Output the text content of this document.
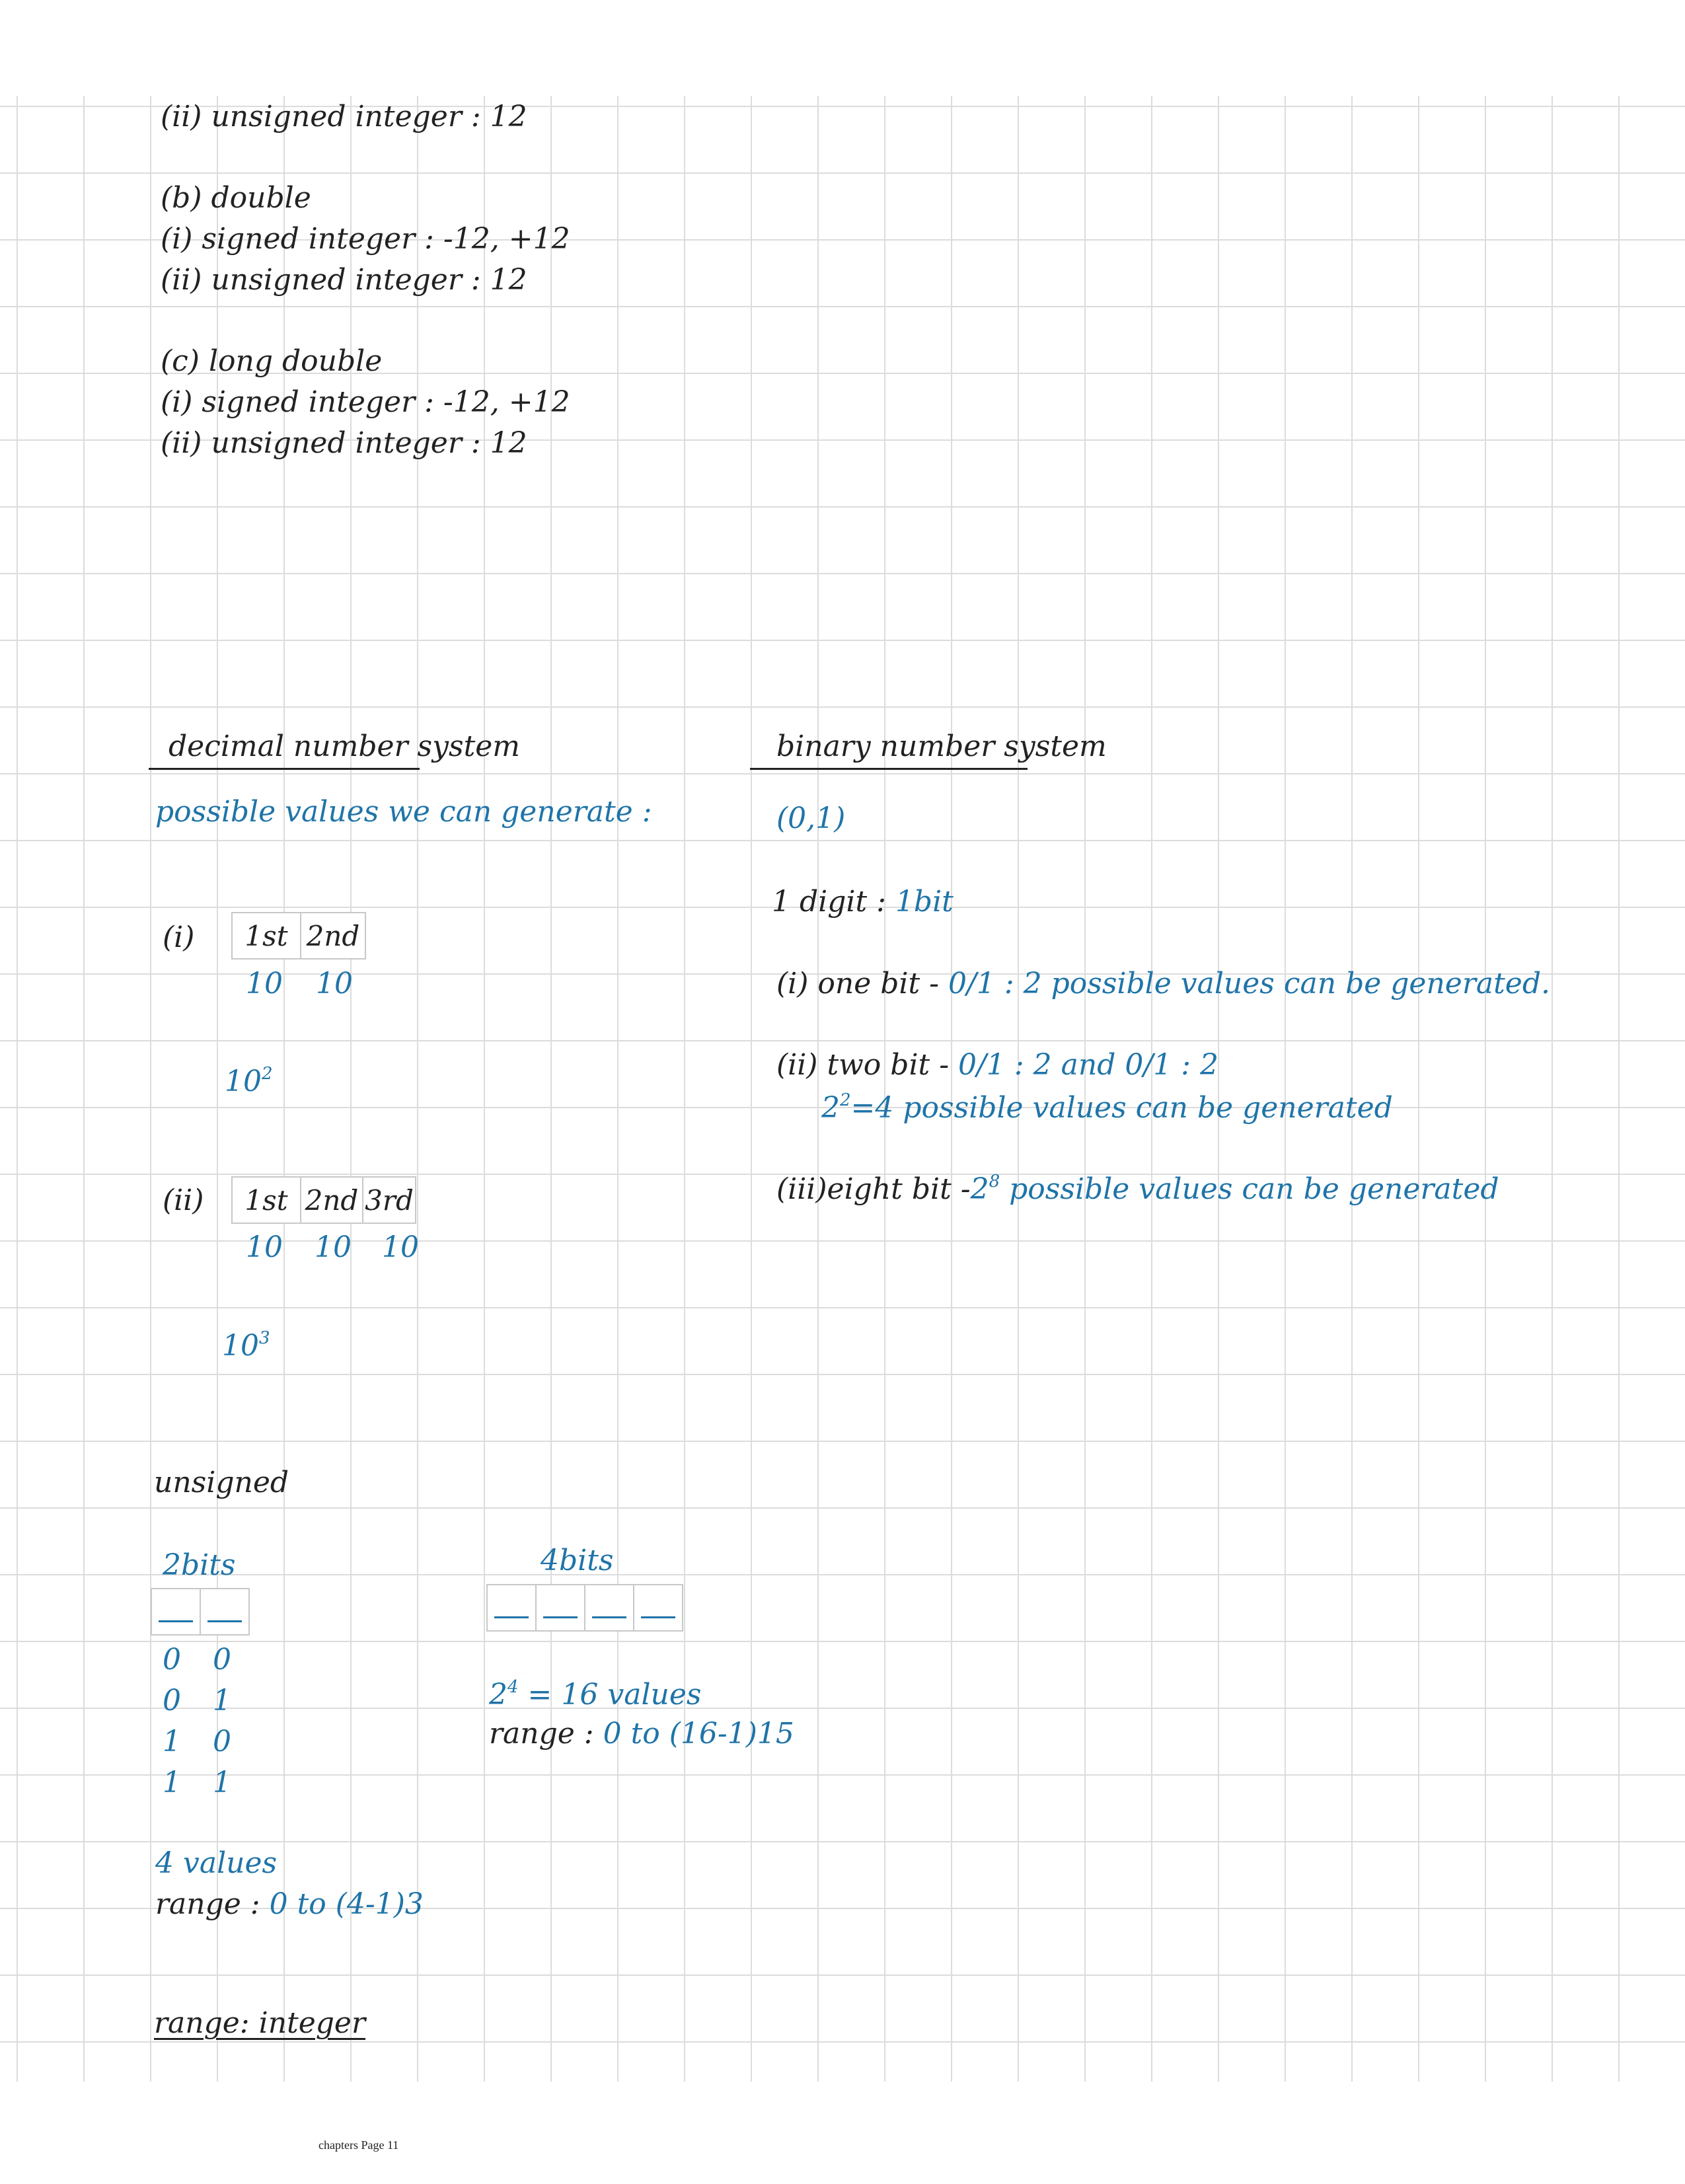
(ii) unsigned integer : 12
(b) double
(i) signed integer : -12, +12
(ii) unsigned integer : 12
(c) long double
(i) signed integer : -12, +12
(ii) unsigned integer : 12
decimal number system
possible values we can generate :
(i)	1st 2nd
10 10
$10^2$
(ii)	1st 2nd 3rd
10 10 10
$10^3$
binary number system
(0,1)
1 digit : 1bit
(i) one bit - 0/1 : 2 possible values can be generated.
(ii) two bit - 0/1 : 2 and 0/1 : 2
$2^2=4$ possible values can be generated
(iii)eight bit $-2^8$ possible values can be generated
unsigned
2bits
0 0
0 1
1 0
1 1
4 values
range : 0 to (4-1)3
4bits
$2^4 = 16$ values
range : 0 to (16-1)15
range: integer
chapters Page 11
